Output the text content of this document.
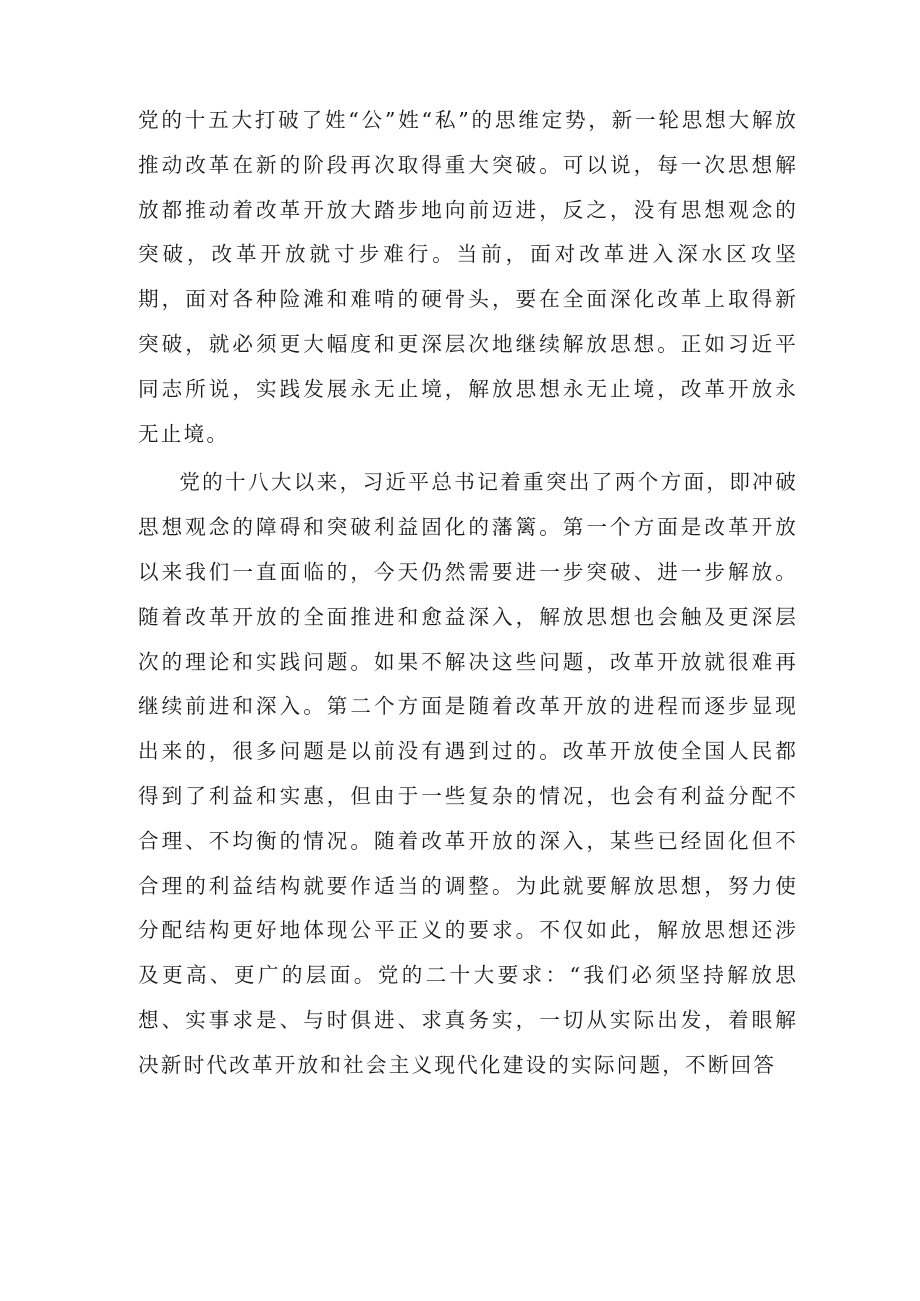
党的十五大打破了姓“公”姓“私”的思维定势，新一轮思想大解放推动改革在新的阶段再次取得重大突破。可以说，每一次思想解放都推动着改革开放大踏步地向前迈进，反之，没有思想观念的突破，改革开放就寸步难行。当前，面对改革进入深水区攻坚期，面对各种险滩和难啃的硬骨头，要在全面深化改革上取得新突破，就必须更大幅度和更深层次地继续解放思想。正如习近平同志所说，实践发展永无止境，解放思想永无止境，改革开放永无止境。

党的十八大以来，习近平总书记着重突出了两个方面，即冲破思想观念的障碍和突破利益固化的藩篱。第一个方面是改革开放以来我们一直面临的，今天仍然需要进一步突破、进一步解放。随着改革开放的全面推进和愈益深入，解放思想也会触及更深层次的理论和实践问题。如果不解决这些问题，改革开放就很难再继续前进和深入。第二个方面是随着改革开放的进程而逐步显现出来的，很多问题是以前没有遇到过的。改革开放使全国人民都得到了利益和实惠，但由于一些复杂的情况，也会有利益分配不合理、不均衡的情况。随着改革开放的深入，某些已经固化但不合理的利益结构就要作适当的调整。为此就要解放思想，努力使分配结构更好地体现公平正义的要求。不仅如此，解放思想还涉及更高、更广的层面。党的二十大要求：“我们必须坚持解放思想、实事求是、与时俱进、求真务实，一切从实际出发，着眼解决新时代改革开放和社会主义现代化建设的实际问题，不断回答
